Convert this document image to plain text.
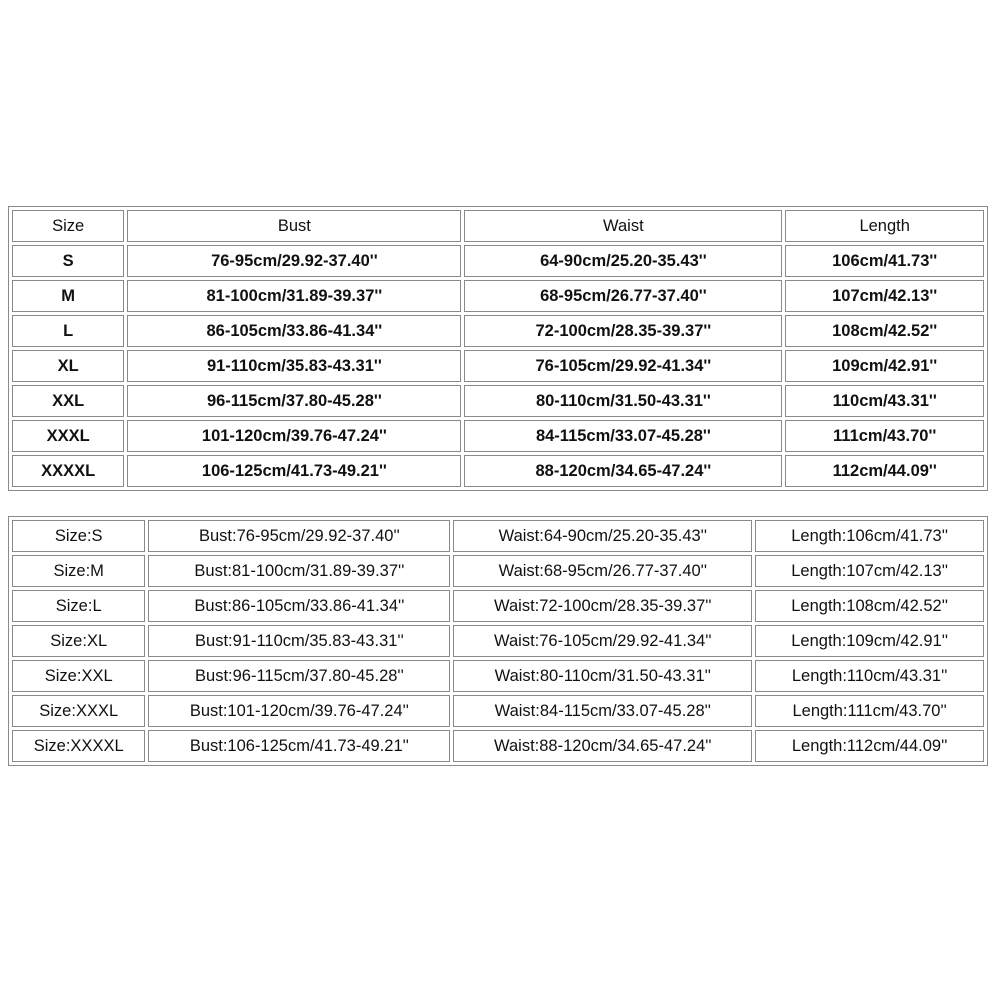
Size	Bust	Waist	Length
S	76-95cm/29.92-37.40''	64-90cm/25.20-35.43''	106cm/41.73''
M	81-100cm/31.89-39.37''	68-95cm/26.77-37.40''	107cm/42.13''
L	86-105cm/33.86-41.34''	72-100cm/28.35-39.37''	108cm/42.52''
XL	91-110cm/35.83-43.31''	76-105cm/29.92-41.34''	109cm/42.91''
XXL	96-115cm/37.80-45.28''	80-110cm/31.50-43.31''	110cm/43.31''
XXXL	101-120cm/39.76-47.24''	84-115cm/33.07-45.28''	111cm/43.70''
XXXXL	106-125cm/41.73-49.21''	88-120cm/34.65-47.24''	112cm/44.09''
Size:S	Bust:76-95cm/29.92-37.40''	Waist:64-90cm/25.20-35.43''	Length:106cm/41.73''
Size:M	Bust:81-100cm/31.89-39.37''	Waist:68-95cm/26.77-37.40''	Length:107cm/42.13''
Size:L	Bust:86-105cm/33.86-41.34''	Waist:72-100cm/28.35-39.37''	Length:108cm/42.52''
Size:XL	Bust:91-110cm/35.83-43.31''	Waist:76-105cm/29.92-41.34''	Length:109cm/42.91''
Size:XXL	Bust:96-115cm/37.80-45.28''	Waist:80-110cm/31.50-43.31''	Length:110cm/43.31''
Size:XXXL	Bust:101-120cm/39.76-47.24''	Waist:84-115cm/33.07-45.28''	Length:111cm/43.70''
Size:XXXXL	Bust:106-125cm/41.73-49.21''	Waist:88-120cm/34.65-47.24''	Length:112cm/44.09''
